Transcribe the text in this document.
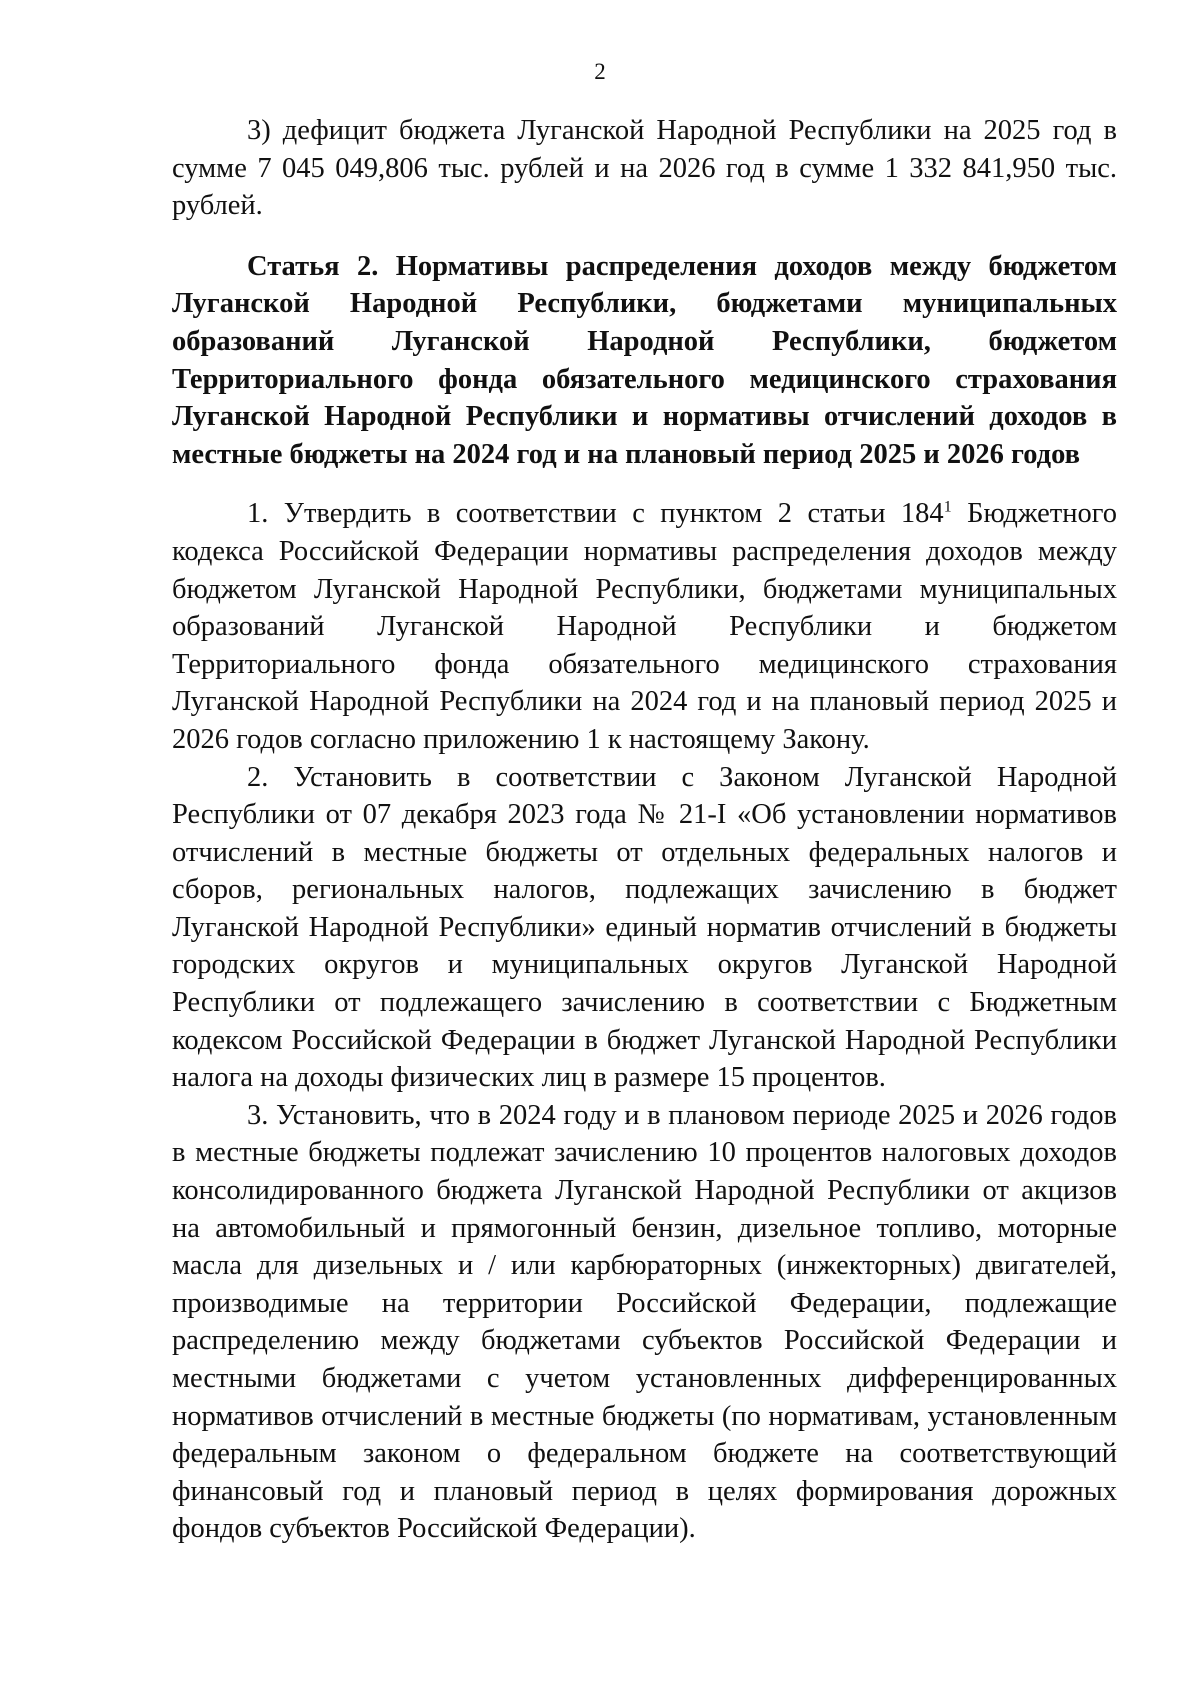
2

3) дефицит бюджета Луганской Народной Республики на 2025 год в сумме 7 045 049,806 тыс. рублей и на 2026 год в сумме 1 332 841,950 тыс. рублей.

Статья 2. Нормативы распределения доходов между бюджетом Луганской Народной Республики, бюджетами муниципальных образований Луганской Народной Республики, бюджетом Территориального фонда обязательного медицинского страхования Луганской Народной Республики и нормативы отчислений доходов в местные бюджеты на 2024 год и на плановый период 2025 и 2026 годов

1. Утвердить в соответствии с пунктом 2 статьи $184^1$ Бюджетного кодекса Российской Федерации нормативы распределения доходов между бюджетом Луганской Народной Республики, бюджетами муниципальных образований Луганской Народной Республики и бюджетом Территориального фонда обязательного медицинского страхования Луганской Народной Республики на 2024 год и на плановый период 2025 и 2026 годов согласно приложению 1 к настоящему Закону.

2. Установить в соответствии с Законом Луганской Народной Республики от 07 декабря 2023 года № 21-I «Об установлении нормативов отчислений в местные бюджеты от отдельных федеральных налогов и сборов, региональных налогов, подлежащих зачислению в бюджет Луганской Народной Республики» единый норматив отчислений в бюджеты городских округов и муниципальных округов Луганской Народной Республики от подлежащего зачислению в соответствии с Бюджетным кодексом Российской Федерации в бюджет Луганской Народной Республики налога на доходы физических лиц в размере 15 процентов.

3. Установить, что в 2024 году и в плановом периоде 2025 и 2026 годов в местные бюджеты подлежат зачислению 10 процентов налоговых доходов консолидированного бюджета Луганской Народной Республики от акцизов на автомобильный и прямогонный бензин, дизельное топливо, моторные масла для дизельных и / или карбюраторных (инжекторных) двигателей, производимые на территории Российской Федерации, подлежащие распределению между бюджетами субъектов Российской Федерации и местными бюджетами с учетом установленных дифференцированных нормативов отчислений в местные бюджеты (по нормативам, установленным федеральным законом о федеральном бюджете на соответствующий финансовый год и плановый период в целях формирования дорожных фондов субъектов Российской Федерации).
